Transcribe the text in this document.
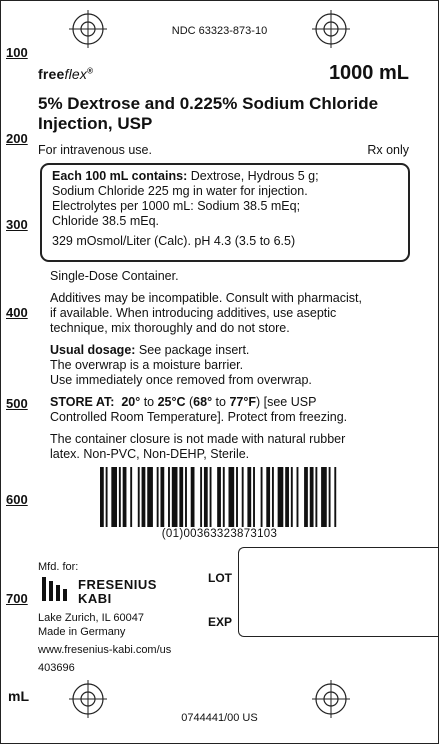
100
200
300
400
500
600
700
mL
NDC 63323-873-10
freeflex®	1000 mL
5% Dextrose and 0.225% Sodium Chloride
Injection, USP
For intravenous use.	Rx only
Each 100 mL contains: Dextrose, Hydrous 5 g;
Sodium Chloride 225 mg in water for injection.
Electrolytes per 1000 mL: Sodium 38.5 mEq;
Chloride 38.5 mEq.
329 mOsmol/Liter (Calc). pH 4.3 (3.5 to 6.5)
Single-Dose Container.
Additives may be incompatible. Consult with pharmacist,
if available. When introducing additives, use aseptic
technique, mix thoroughly and do not store.
Usual dosage: See package insert.
The overwrap is a moisture barrier.
Use immediately once removed from overwrap.
STORE AT: 20° to 25°C (68° to 77°F) [see USP
Controlled Room Temperature]. Protect from freezing.
The container closure is not made with natural rubber
latex. Non-PVC, Non-DEHP, Sterile.
(01)00363323873103
Mfd. for:
FRESENIUS
KABI
Lake Zurich, IL 60047
Made in Germany
www.fresenius-kabi.com/us
403696
LOT
EXP
0744441/00 US
